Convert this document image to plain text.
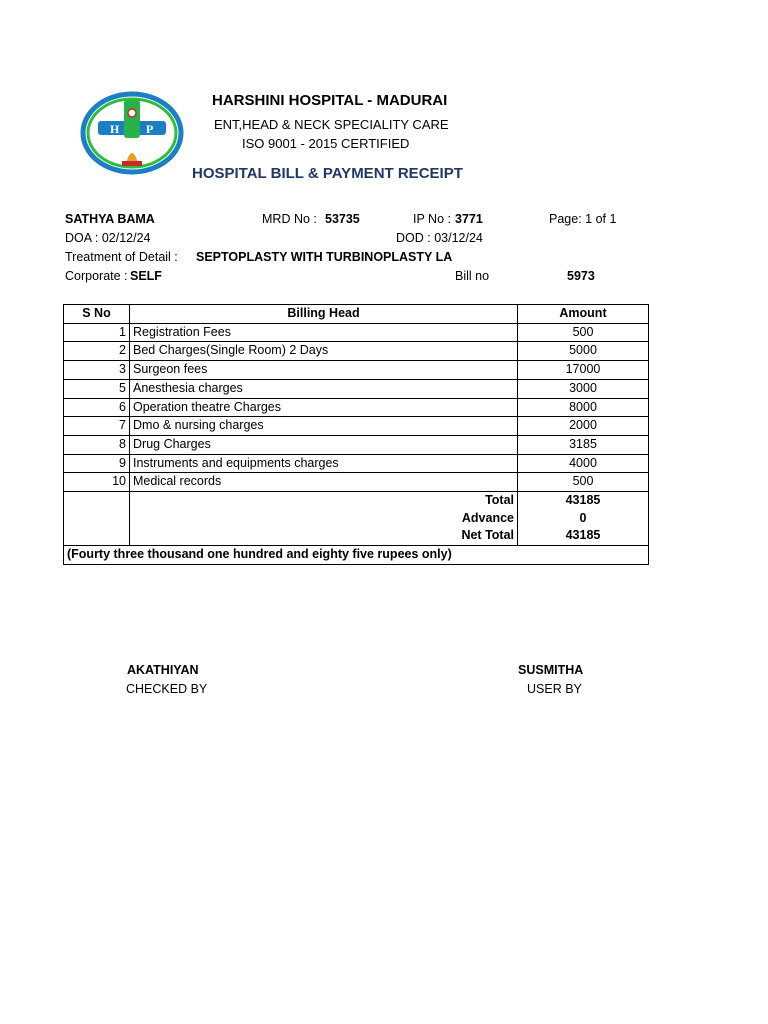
H P
HARSHINI HOSPITAL - MADURAI
ENT,HEAD & NECK SPECIALITY CARE
ISO 9001 - 2015 CERTIFIED
HOSPITAL BILL & PAYMENT RECEIPT
SATHYA BAMA	MRD No : 53735	IP No : 3771	Page: 1 of 1
DOA : 02/12/24	DOD : 03/12/24
Treatment of Detail : SEPTOPLASTY WITH TURBINOPLASTY LA
Corporate : SELF	Bill no	5973
S No	Billing Head	Amount
1	Registration Fees	500
2	Bed Charges(Single Room) 2 Days	5000
3	Surgeon fees	17000
5	Anesthesia charges	3000
6	Operation theatre Charges	8000
7	Dmo & nursing charges	2000
8	Drug Charges	3185
9	Instruments and equipments charges	4000
10	Medical records	500
	Total	43185
	Advance	0
	Net Total	43185
(Fourty three thousand one hundred and eighty five rupees only)		
AKATHIYAN
CHECKED BY
SUSMITHA
USER BY
